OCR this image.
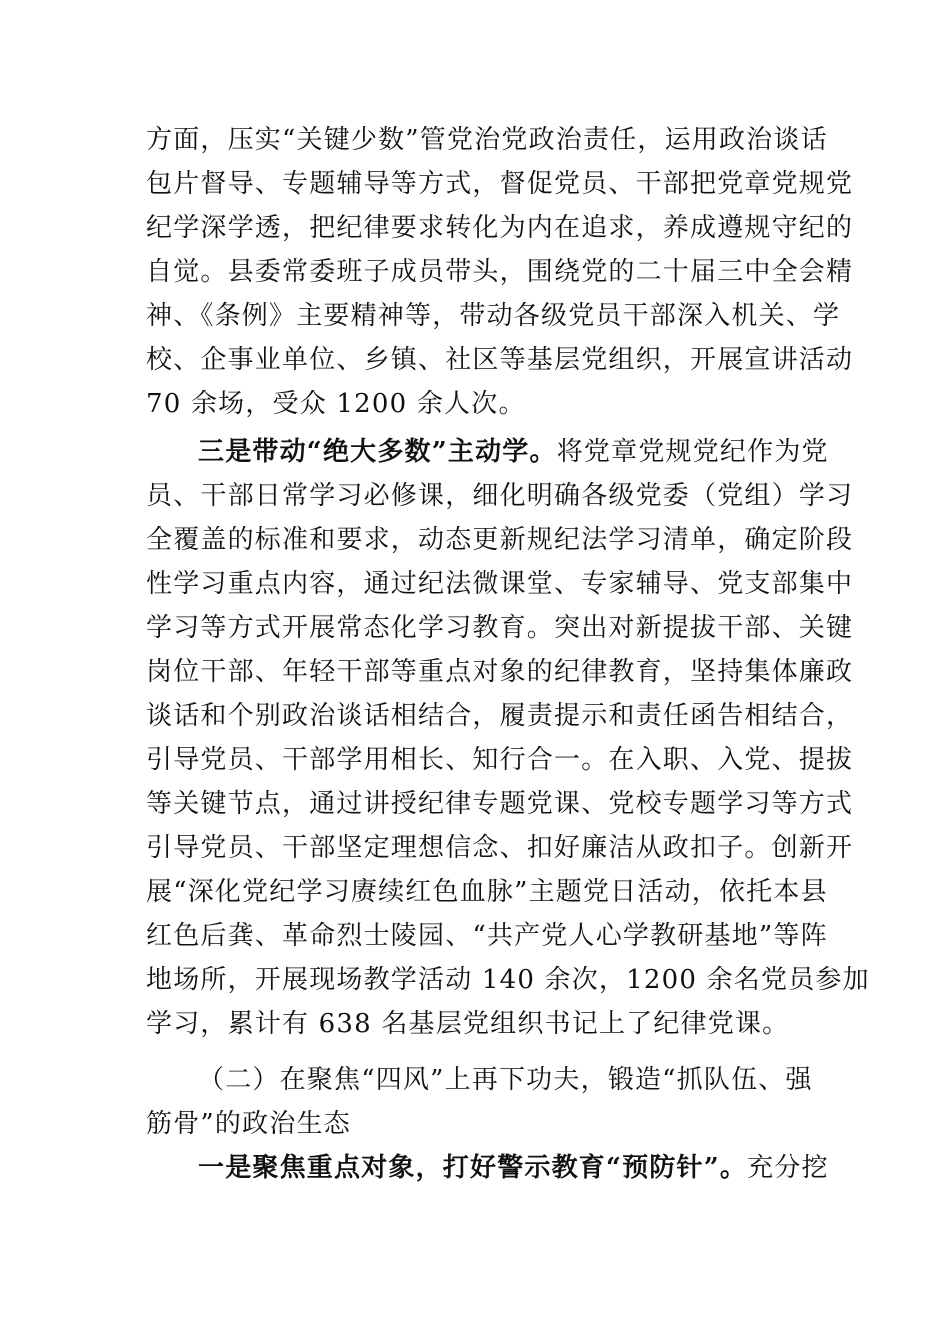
方面，压实“关键少数”管党治党政治责任，运用政治谈话
包片督导、专题辅导等方式，督促党员、干部把党章党规党
纪学深学透，把纪律要求转化为内在追求，养成遵规守纪的
自觉。县委常委班子成员带头，围绕党的二十届三中全会精
神、《条例》主要精神等，带动各级党员干部深入机关、学
校、企事业单位、乡镇、社区等基层党组织，开展宣讲活动
70 余场，受众 1200 余人次。
三是带动“绝大多数”主动学。将党章党规党纪作为党
员、干部日常学习必修课，细化明确各级党委（党组）学习
全覆盖的标准和要求，动态更新规纪法学习清单，确定阶段
性学习重点内容，通过纪法微课堂、专家辅导、党支部集中
学习等方式开展常态化学习教育。突出对新提拔干部、关键
岗位干部、年轻干部等重点对象的纪律教育，坚持集体廉政
谈话和个别政治谈话相结合，履责提示和责任函告相结合，
引导党员、干部学用相长、知行合一。在入职、入党、提拔
等关键节点，通过讲授纪律专题党课、党校专题学习等方式
引导党员、干部坚定理想信念、扣好廉洁从政扣子。创新开
展“深化党纪学习赓续红色血脉”主题党日活动，依托本县
红色后龚、革命烈士陵园、“共产党人心学教研基地”等阵
地场所，开展现场教学活动 140 余次，1200 余名党员参加
学习，累计有 638 名基层党组织书记上了纪律党课。
（二）在聚焦“四风”上再下功夫，锻造“抓队伍、强
筋骨”的政治生态
一是聚焦重点对象，打好警示教育“预防针”。充分挖
